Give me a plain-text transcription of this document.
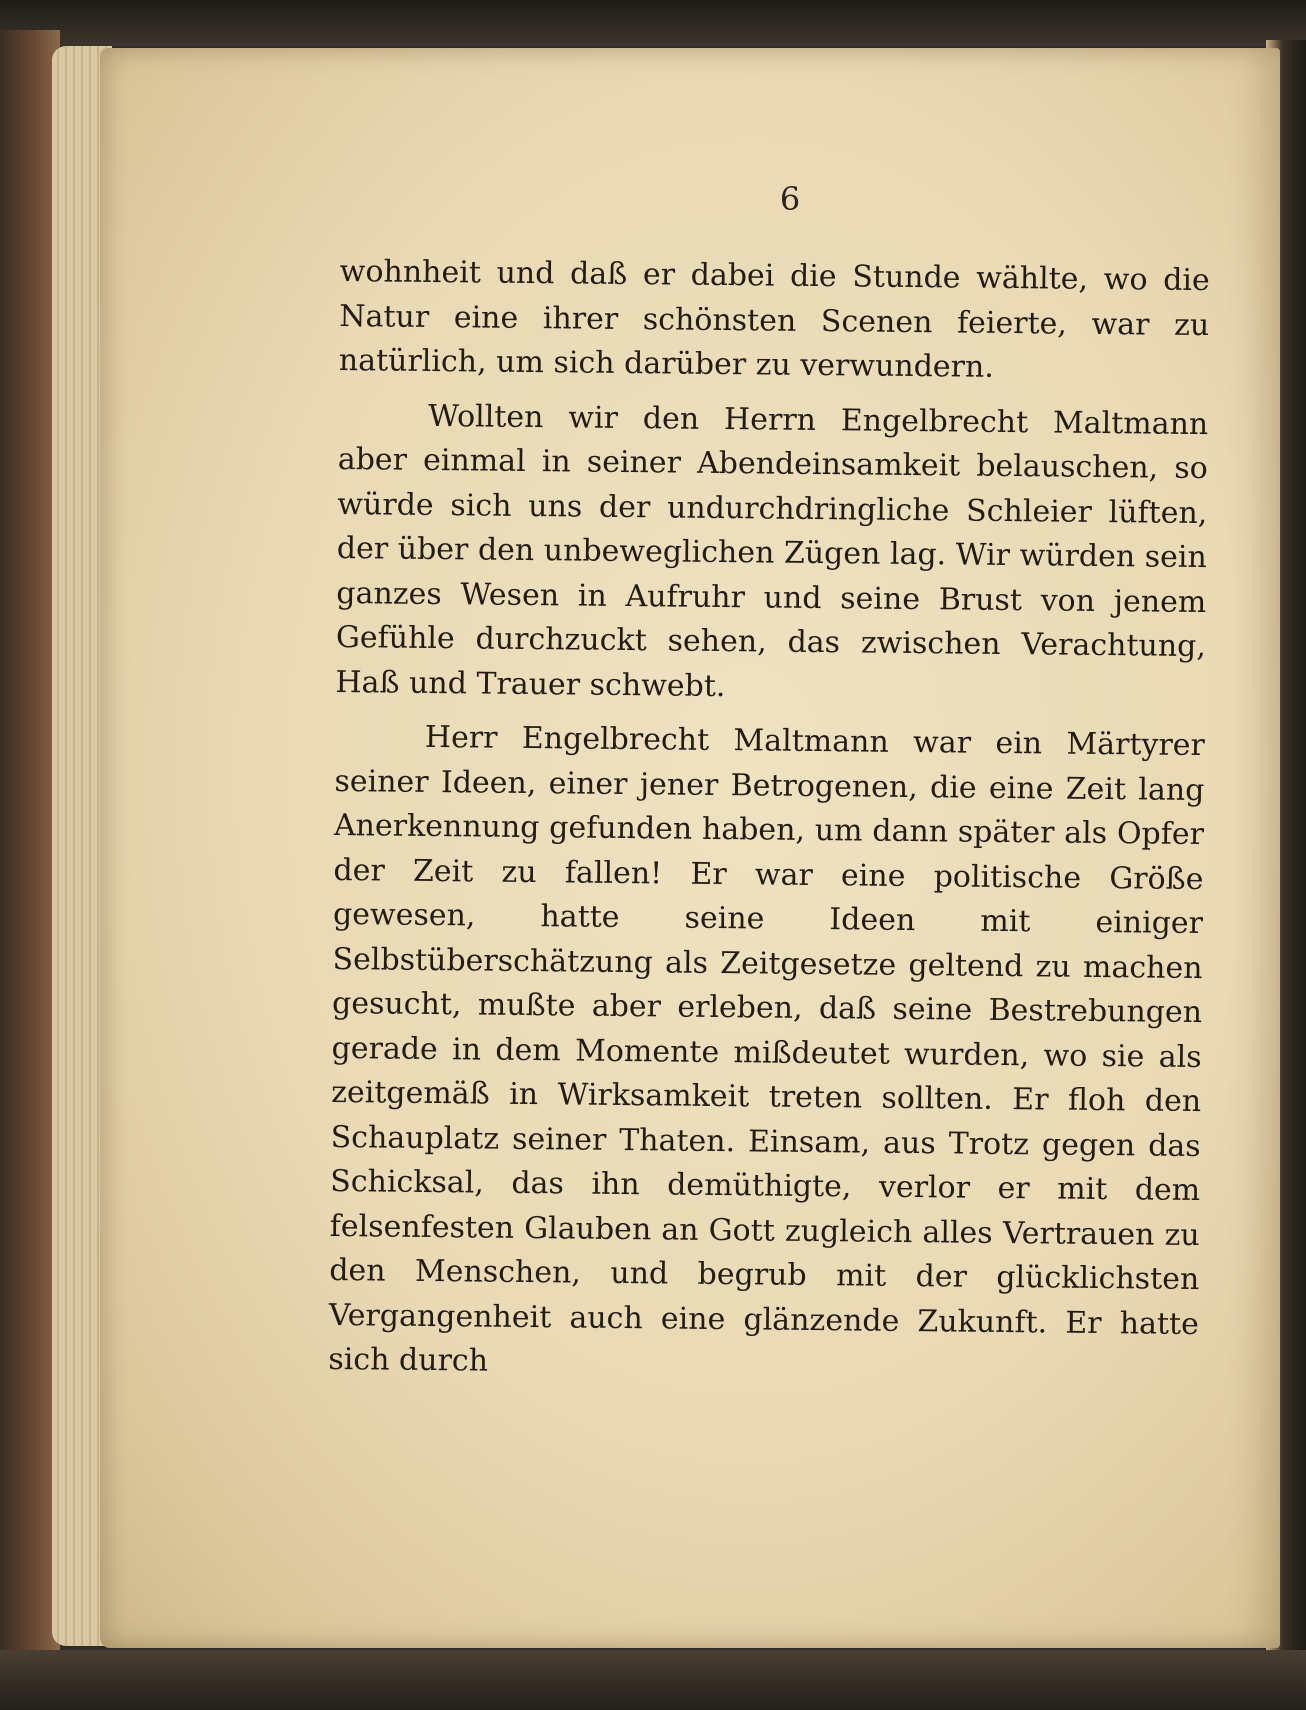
6

wohnheit und daß er dabei die Stunde wählte, wo die Natur eine ihrer schönsten Scenen feierte, war zu natürlich, um sich darüber zu verwundern.

Wollten wir den Herrn Engelbrecht Maltmann aber einmal in seiner Abendeinsamkeit belauschen, so würde sich uns der undurchdringliche Schleier lüften, der über den unbeweglichen Zügen lag. Wir würden sein ganzes Wesen in Aufruhr und seine Brust von jenem Gefühle durchzuckt sehen, das zwischen Verachtung, Haß und Trauer schwebt.

Herr Engelbrecht Maltmann war ein Märtyrer seiner Ideen, einer jener Betrogenen, die eine Zeit lang Anerkennung gefunden haben, um dann später als Opfer der Zeit zu fallen! Er war eine politische Größe gewesen, hatte seine Ideen mit einiger Selbstüberschätzung als Zeitgesetze geltend zu machen gesucht, mußte aber erleben, daß seine Bestrebungen gerade in dem Momente mißdeutet wurden, wo sie als zeitgemäß in Wirksamkeit treten sollten. Er floh den Schauplatz seiner Thaten. Einsam, aus Trotz gegen das Schicksal, das ihn demüthigte, verlor er mit dem felsenfesten Glauben an Gott zugleich alles Vertrauen zu den Menschen, und begrub mit der glücklichsten Vergangenheit auch eine glänzende Zukunft. Er hatte sich durch
